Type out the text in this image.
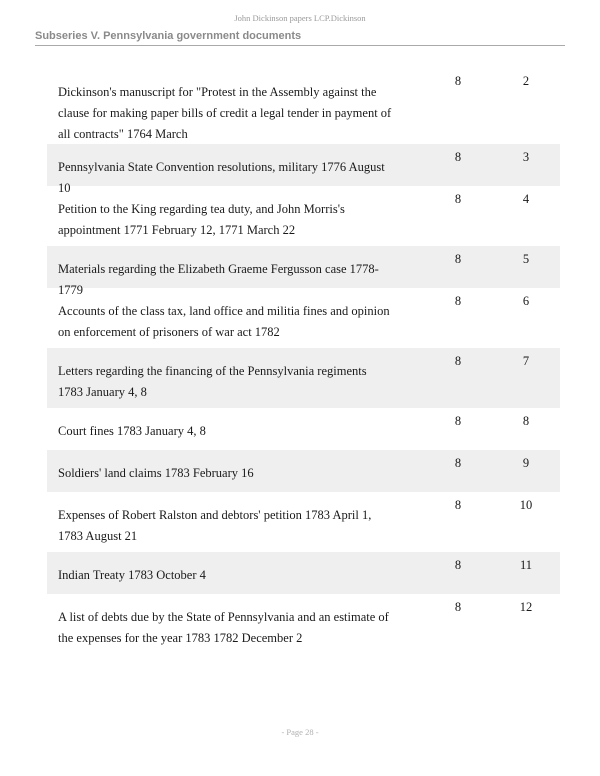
John Dickinson papers LCP.Dickinson
Subseries V. Pennsylvania government documents
Dickinson's manuscript for "Protest in the Assembly against the clause for making paper bills of credit a legal tender in payment of all contracts" 1764 March
8	2
Pennsylvania State Convention resolutions, military 1776 August 10
8	3
Petition to the King regarding tea duty, and John Morris's appointment 1771 February 12, 1771 March 22
8	4
Materials regarding the Elizabeth Graeme Fergusson case 1778-1779
8	5
Accounts of the class tax, land office and militia fines and opinion on enforcement of prisoners of war act 1782
8	6
Letters regarding the financing of the Pennsylvania regiments 1783 January 4, 8
8	7
Court fines 1783 January 4, 8
8	8
Soldiers' land claims 1783 February 16
8	9
Expenses of Robert Ralston and debtors' petition 1783 April 1, 1783 August 21
8	10
Indian Treaty 1783 October 4
8	11
A list of debts due by the State of Pennsylvania and an estimate of the expenses for the year 1783 1782 December 2
8	12
- Page 28 -
